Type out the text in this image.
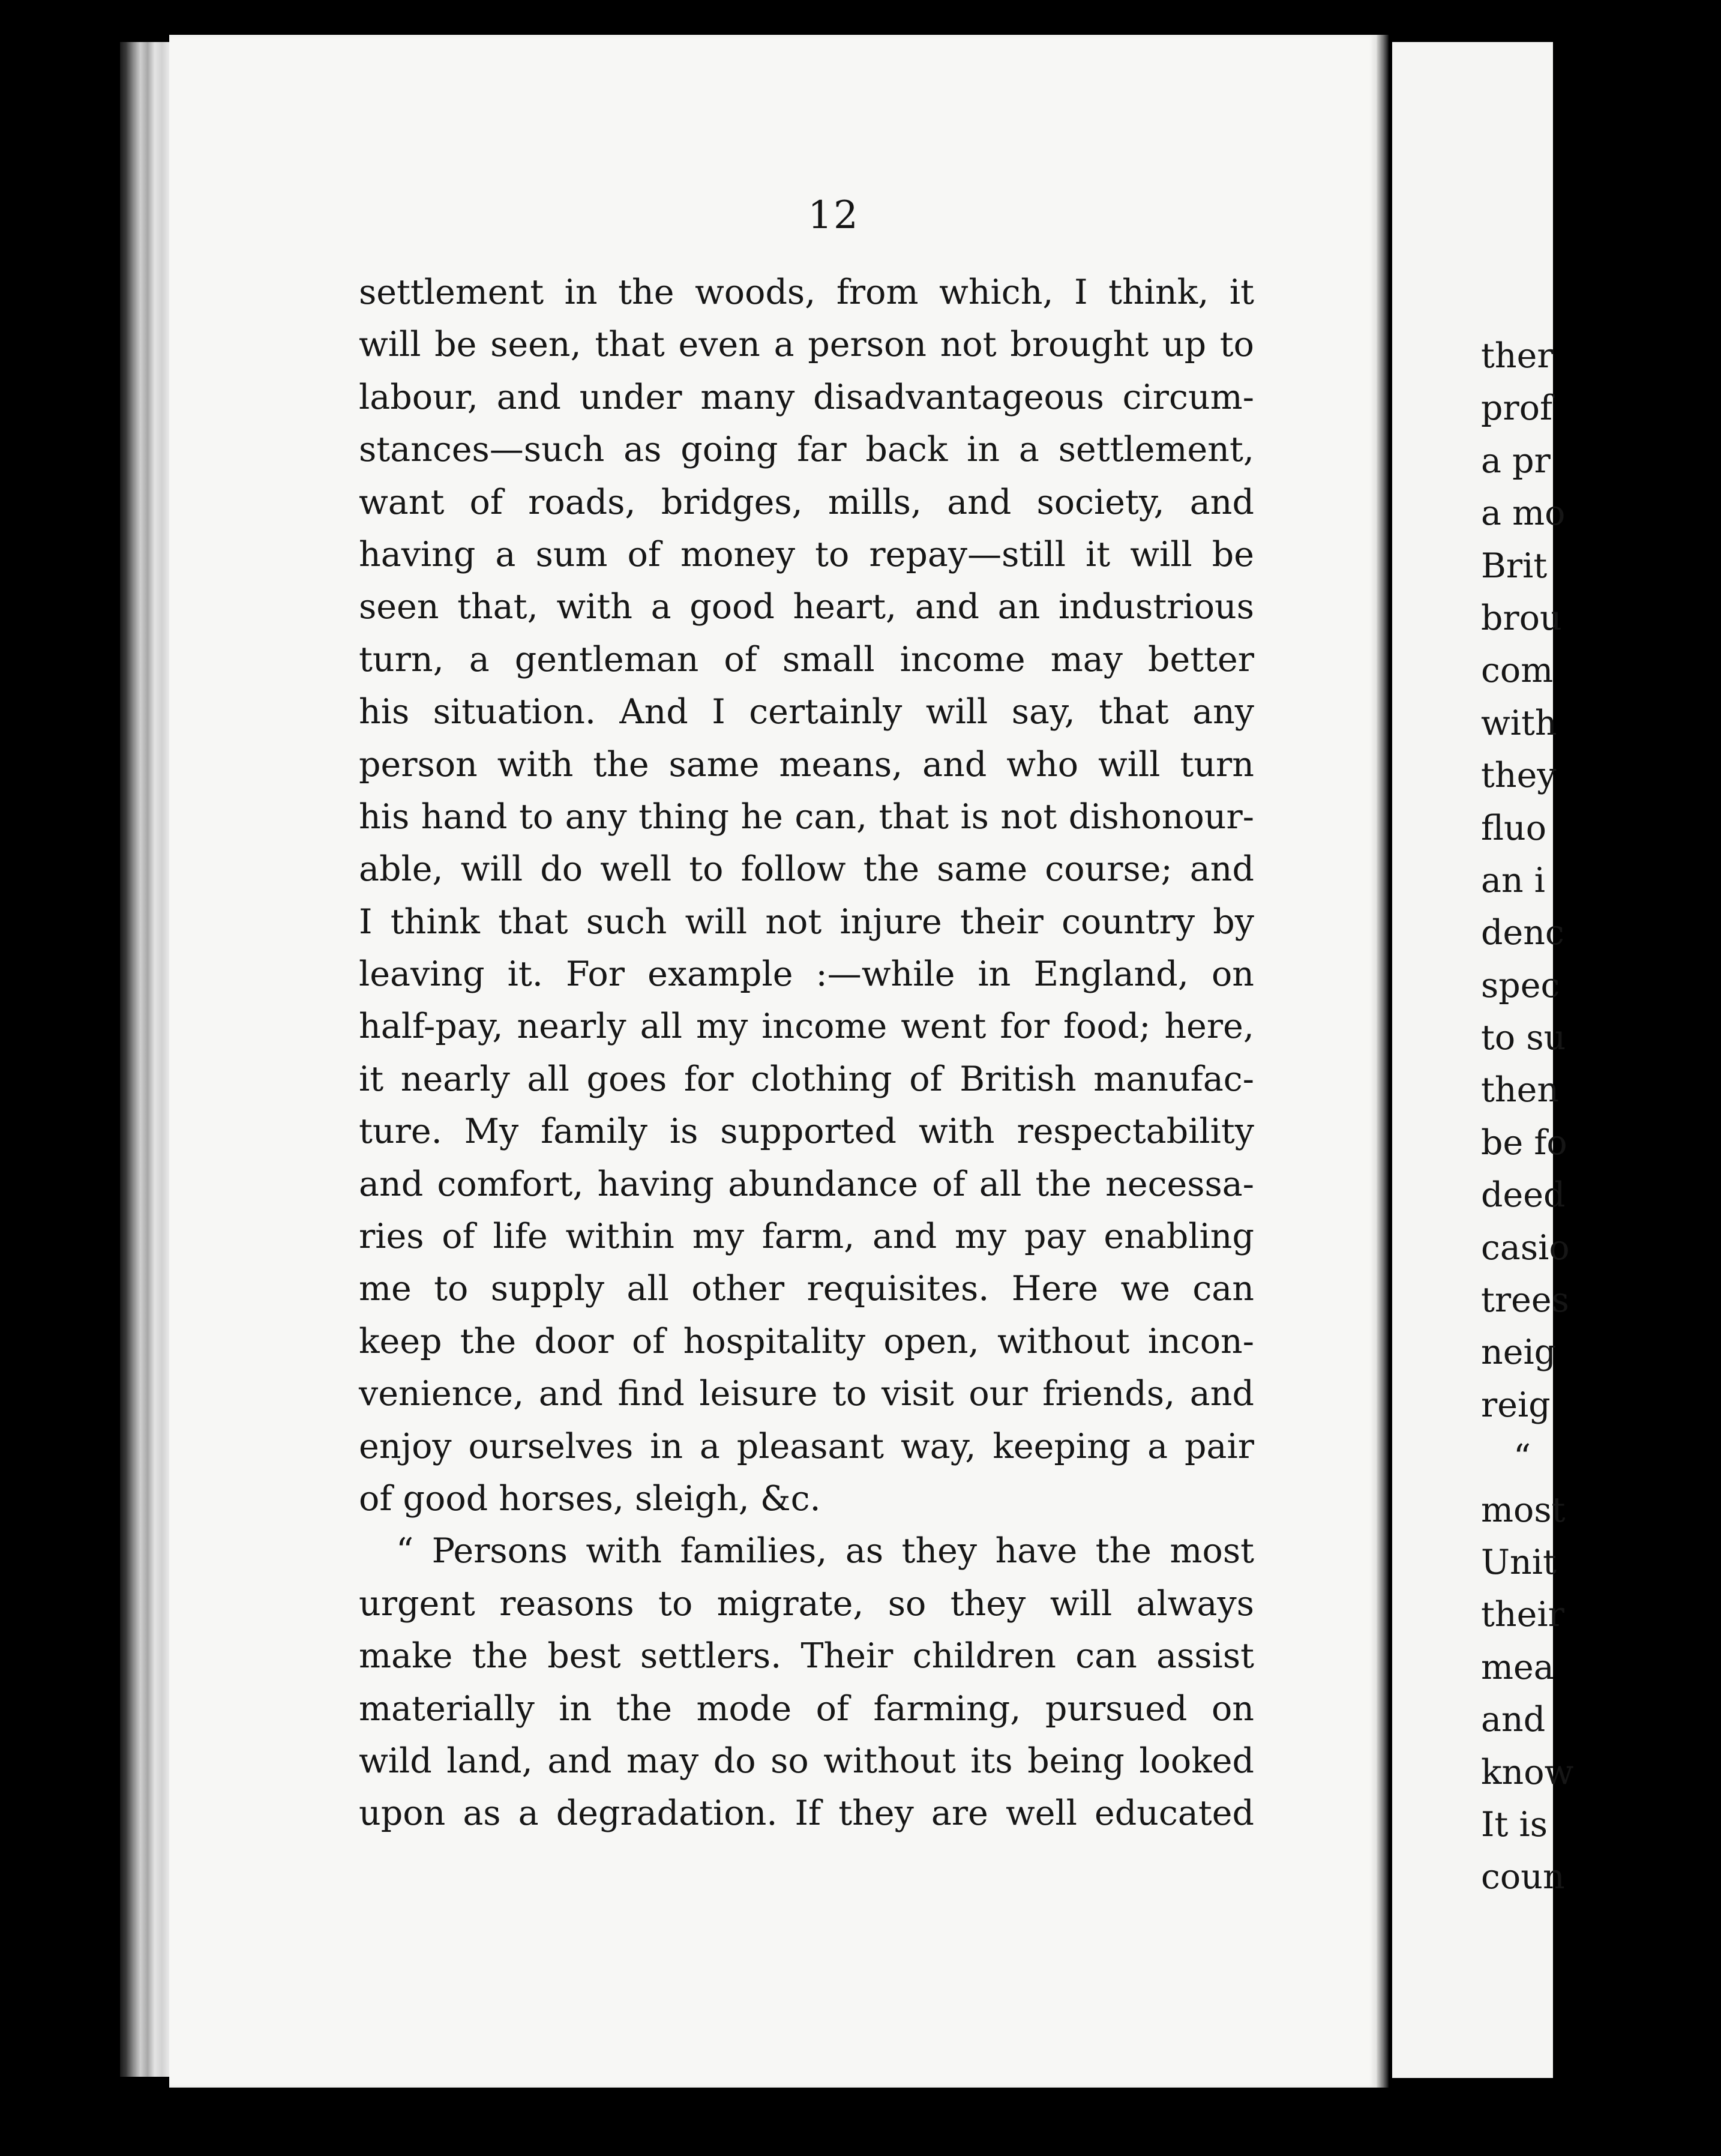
12
settlement in the woods, from which, I think, it
will be seen, that even a person not brought up to
labour, and under many disadvantageous circum-
stances—such as going far back in a settlement,
want of roads, bridges, mills, and society, and
having a sum of money to repay—still it will be
seen that, with a good heart, and an industrious
turn, a gentleman of small income may better
his situation. And I certainly will say, that any
person with the same means, and who will turn
his hand to any thing he can, that is not dishonour-
able, will do well to follow the same course; and
I think that such will not injure their country by
leaving it. For example :—while in England, on
half-pay, nearly all my income went for food; here,
it nearly all goes for clothing of British manufac-
ture. My family is supported with respectability
and comfort, having abundance of all the necessa-
ries of life within my farm, and my pay enabling
me to supply all other requisites. Here we can
keep the door of hospitality open, without incon-
venience, and find leisure to visit our friends, and
enjoy ourselves in a pleasant way, keeping a pair
of good horses, sleigh, &c.
“ Persons with families, as they have the most
urgent reasons to migrate, so they will always
make the best settlers. Their children can assist
materially in the mode of farming, pursued on
wild land, and may do so without its being looked
upon as a degradation. If they are well educated
ther
prof
a pr
a mo
Brit
brou
com
with
they
fluo
an i
denc
spec
to su
then
be fo
deed
casio
trees
neig
reig
“
most
Unit
their
mea
and
know
It is
coun
